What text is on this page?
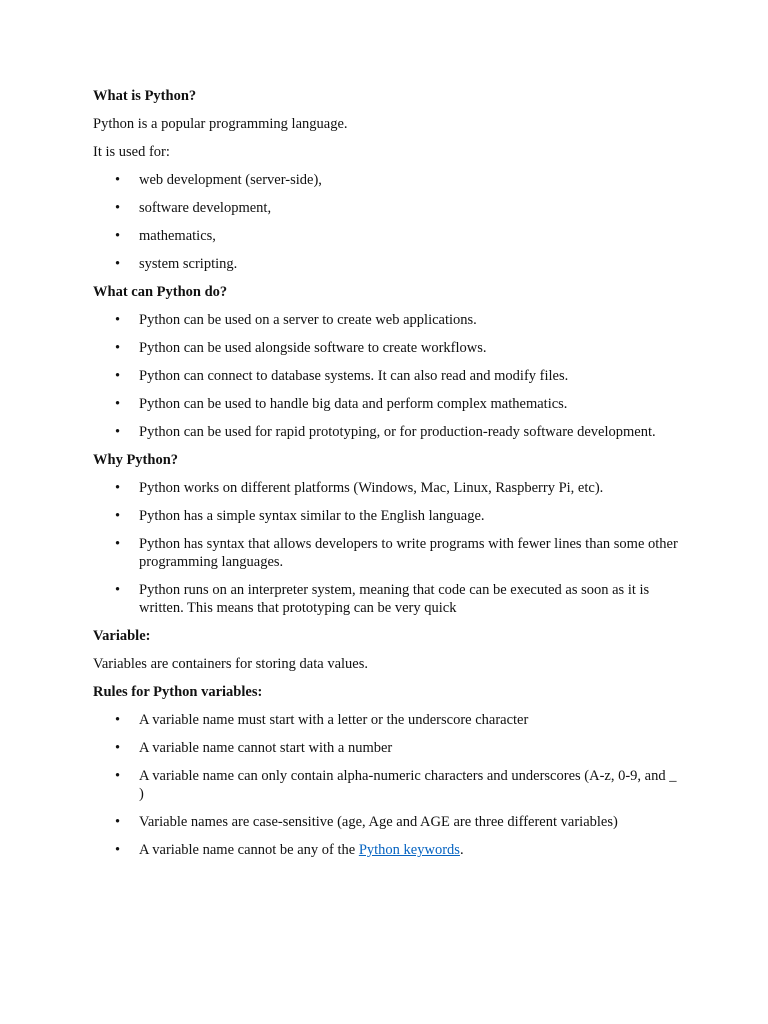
What is Python?
Python is a popular programming language.
It is used for:
•	web development (server-side),
•	software development,
•	mathematics,
•	system scripting.
What can Python do?
•	Python can be used on a server to create web applications.
•	Python can be used alongside software to create workflows.
•	Python can connect to database systems. It can also read and modify files.
•	Python can be used to handle big data and perform complex mathematics.
•	Python can be used for rapid prototyping, or for production-ready software development.
Why Python?
•	Python works on different platforms (Windows, Mac, Linux, Raspberry Pi, etc).
•	Python has a simple syntax similar to the English language.
•	Python has syntax that allows developers to write programs with fewer lines than some other programming languages.
•	Python runs on an interpreter system, meaning that code can be executed as soon as it is written. This means that prototyping can be very quick
Variable:
Variables are containers for storing data values.
Rules for Python variables:
•	A variable name must start with a letter or the underscore character
•	A variable name cannot start with a number
•	A variable name can only contain alpha-numeric characters and underscores (A-z, 0-9, and _ )
•	Variable names are case-sensitive (age, Age and AGE are three different variables)
•	A variable name cannot be any of the Python keywords.
